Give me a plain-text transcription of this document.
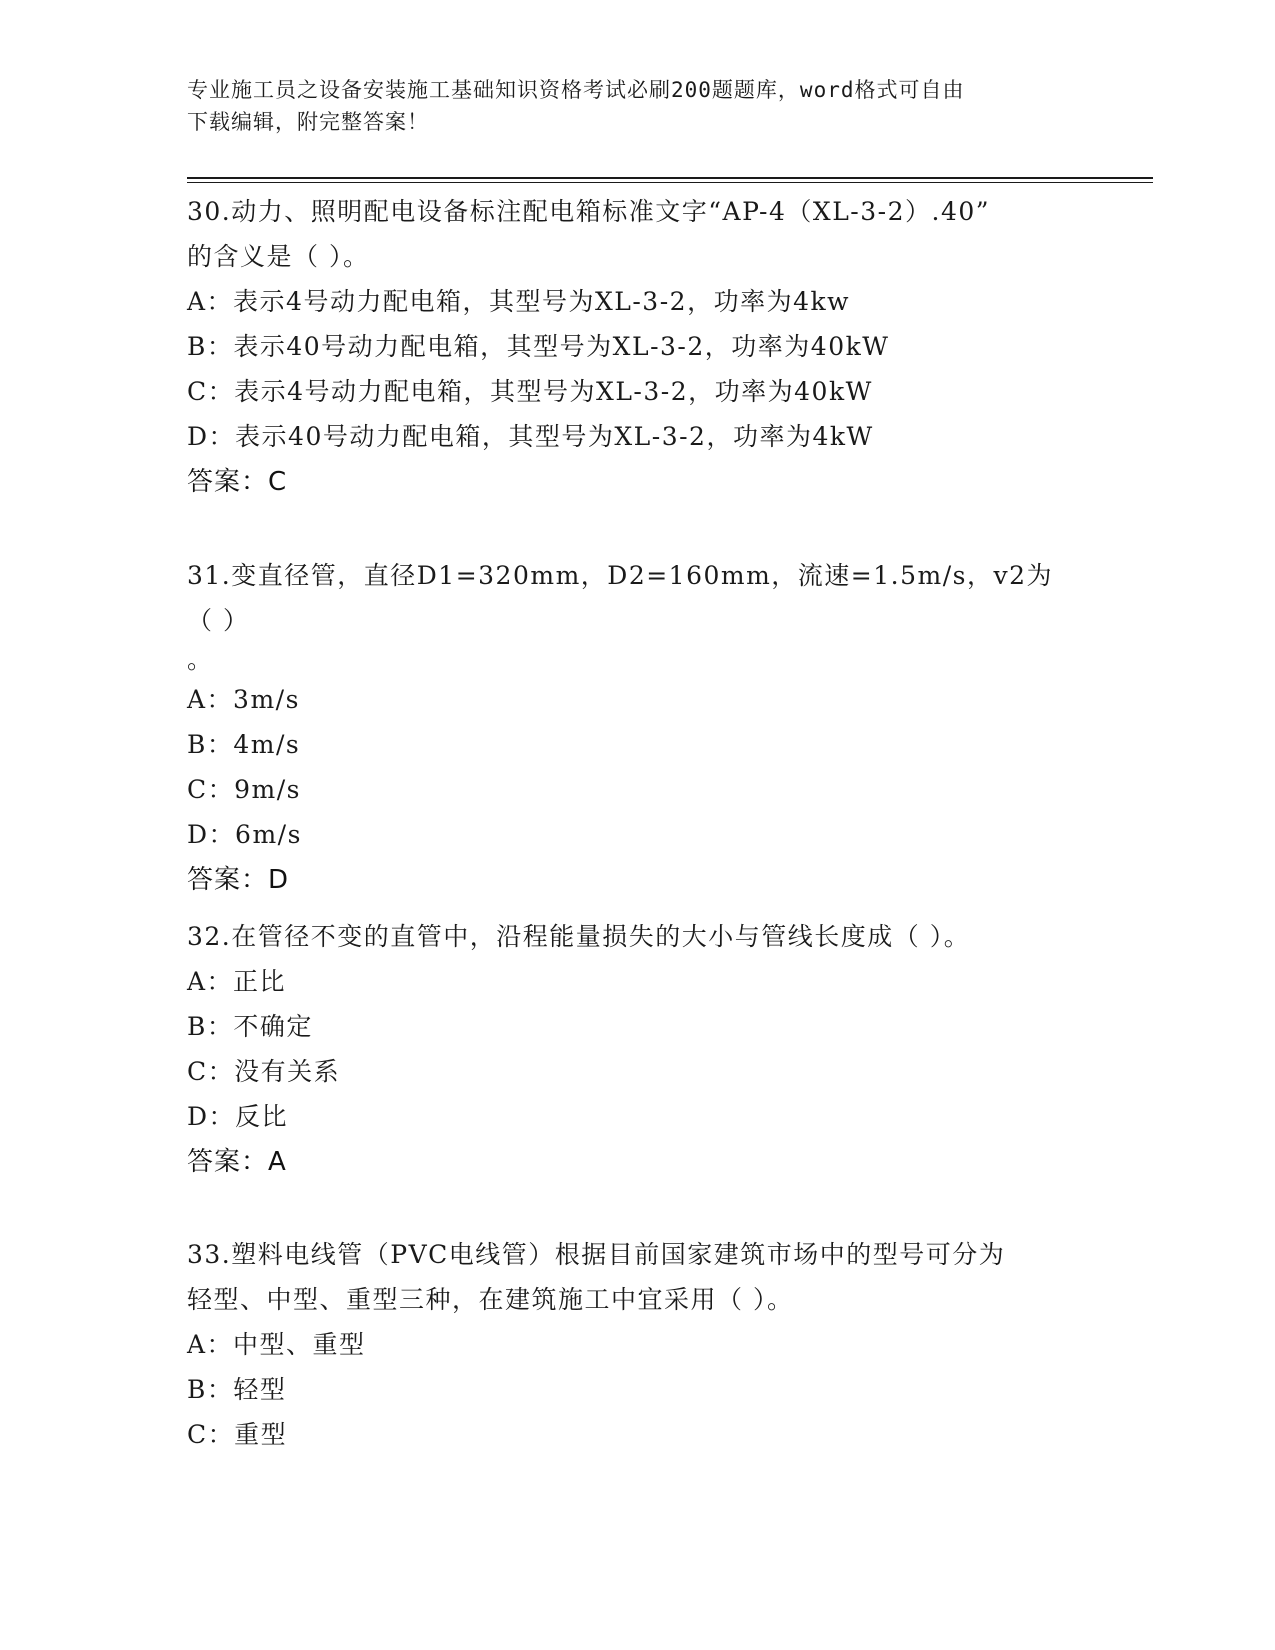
专业施工员之设备安装施工基础知识资格考试必刷200题题库，word格式可自由
下载编辑，附完整答案！

30.动力、照明配电设备标注配电箱标准文字“AP-4（XL-3-2）.40”

的含义是（ ）。

A：表示4号动力配电箱，其型号为XL-3-2，功率为4kw

B：表示40号动力配电箱，其型号为XL-3-2，功率为40kW

C：表示4号动力配电箱，其型号为XL-3-2，功率为40kW

D：表示40号动力配电箱，其型号为XL-3-2，功率为4kW

答案：C

31.变直径管，直径D1=320mm，D2=160mm，流速=1.5m/s，v2为（ ）

。

A：3m/s

B：4m/s

C：9m/s

D：6m/s

答案：D

32.在管径不变的直管中，沿程能量损失的大小与管线长度成（ ）。

A：正比

B：不确定

C：没有关系

D：反比

答案：A

33.塑料电线管（PVC电线管）根据目前国家建筑市场中的型号可分为

轻型、中型、重型三种，在建筑施工中宜采用（ ）。

A：中型、重型

B：轻型

C：重型
